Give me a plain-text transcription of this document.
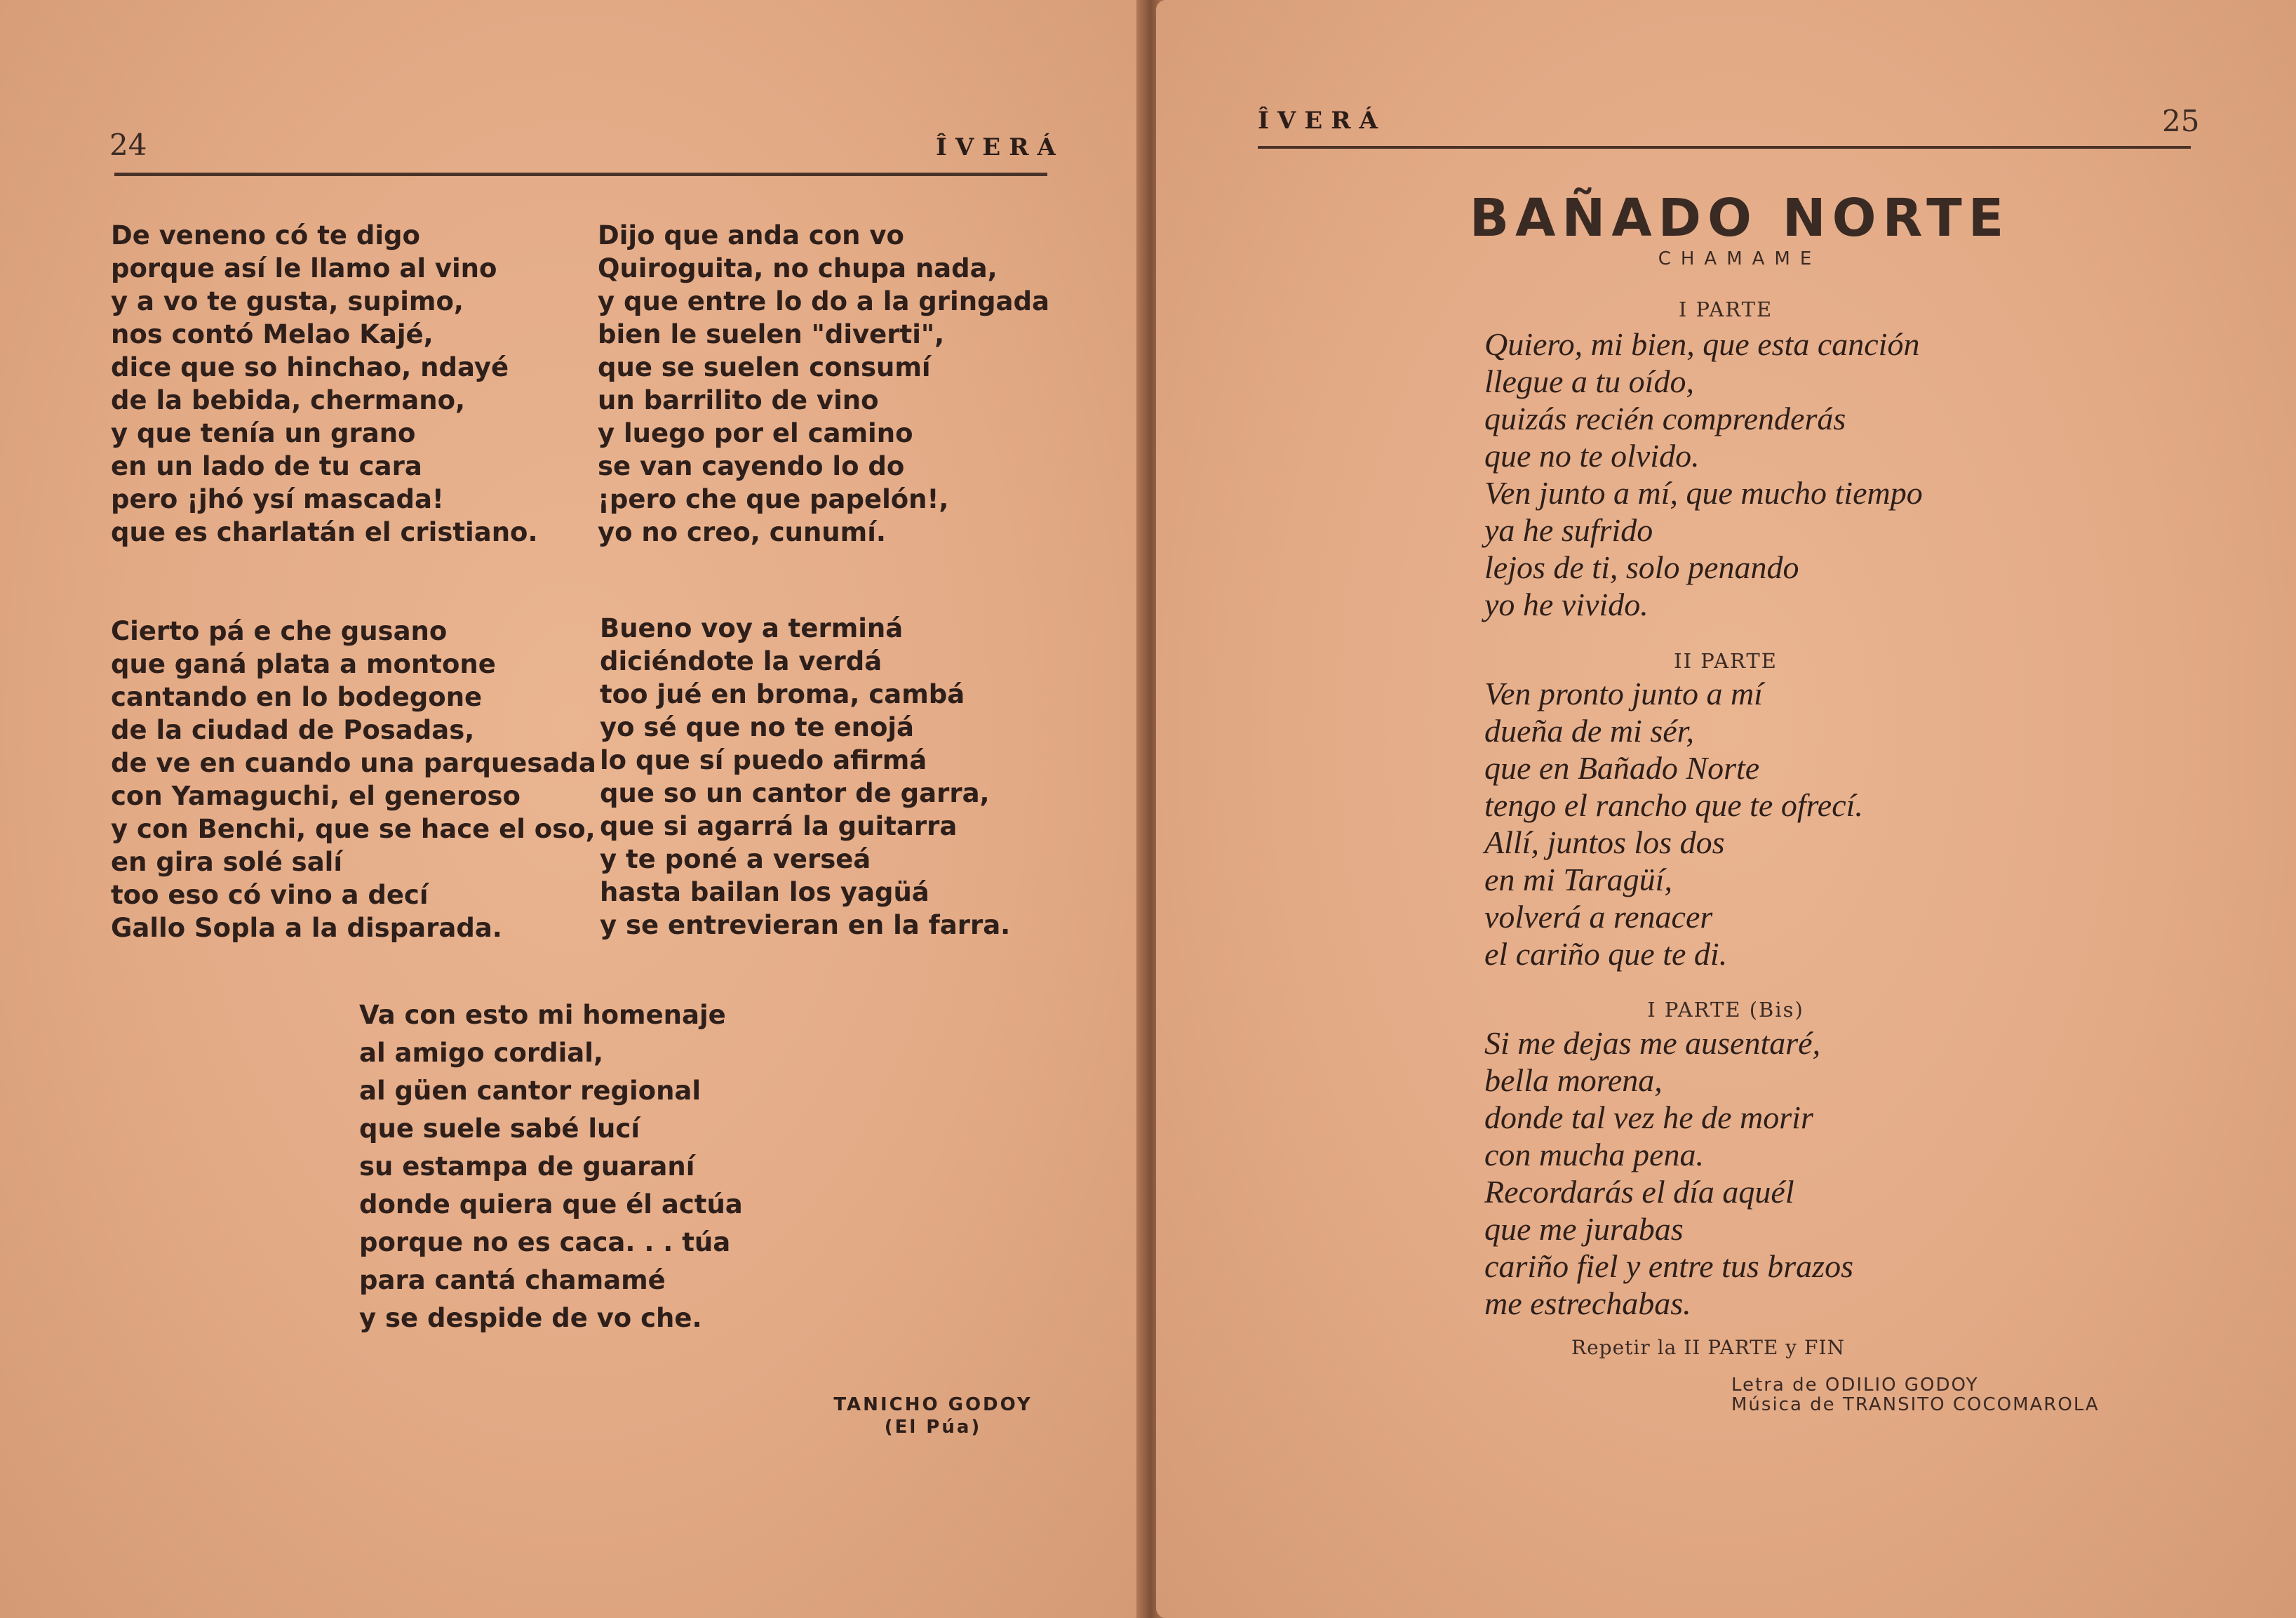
24	ÎVERÁ
De veneno có te digo
porque así le llamo al vino
y a vo te gusta, supimo,
nos contó Melao Kajé,
dice que so hinchao, ndayé
de la bebida, chermano,
y que tenía un grano
en un lado de tu cara
pero ¡jhó ysí mascada!
que es charlatán el cristiano.
Dijo que anda con vo
Quiroguita, no chupa nada,
y que entre lo do a la gringada
bien le suelen "diverti",
que se suelen consumí
un barrilito de vino
y luego por el camino
se van cayendo lo do
¡pero che que papelón!,
yo no creo, cunumí.
Cierto pá e che gusano
que ganá plata a montone
cantando en lo bodegone
de la ciudad de Posadas,
de ve en cuando una parquesada
con Yamaguchi, el generoso
y con Benchi, que se hace el oso,
en gira solé salí
too eso có vino a decí
Gallo Sopla a la disparada.
Bueno voy a terminá
diciéndote la verdá
too jué en broma, cambá
yo sé que no te enojá
lo que sí puedo afirmá
que so un cantor de garra,
que si agarrá la guitarra
y te poné a verseá
hasta bailan los yagüá
y se entrevieran en la farra.
Va con esto mi homenaje
al amigo cordial,
al güen cantor regional
que suele sabé lucí
su estampa de guaraní
donde quiera que él actúa
porque no es caca. . . túa
para cantá chamamé
y se despide de vo che.
TANICHO GODOY
(El Púa)
ÎVERÁ	25
BAÑADO NORTE
CHAMAME
I PARTE
Quiero, mi bien, que esta canción
llegue a tu oído,
quizás recién comprenderás
que no te olvido.
Ven junto a mí, que mucho tiempo
ya he sufrido
lejos de ti, solo penando
yo he vivido.
II PARTE
Ven pronto junto a mí
dueña de mi sér,
que en Bañado Norte
tengo el rancho que te ofrecí.
Allí, juntos los dos
en mi Taragüí,
volverá a renacer
el cariño que te di.
I PARTE (Bis)
Si me dejas me ausentaré,
bella morena,
donde tal vez he de morir
con mucha pena.
Recordarás el día aquél
que me jurabas
cariño fiel y entre tus brazos
me estrechabas.
Repetir la II PARTE y FIN
Letra de ODILIO GODOY
Música de TRANSITO COCOMAROLA
